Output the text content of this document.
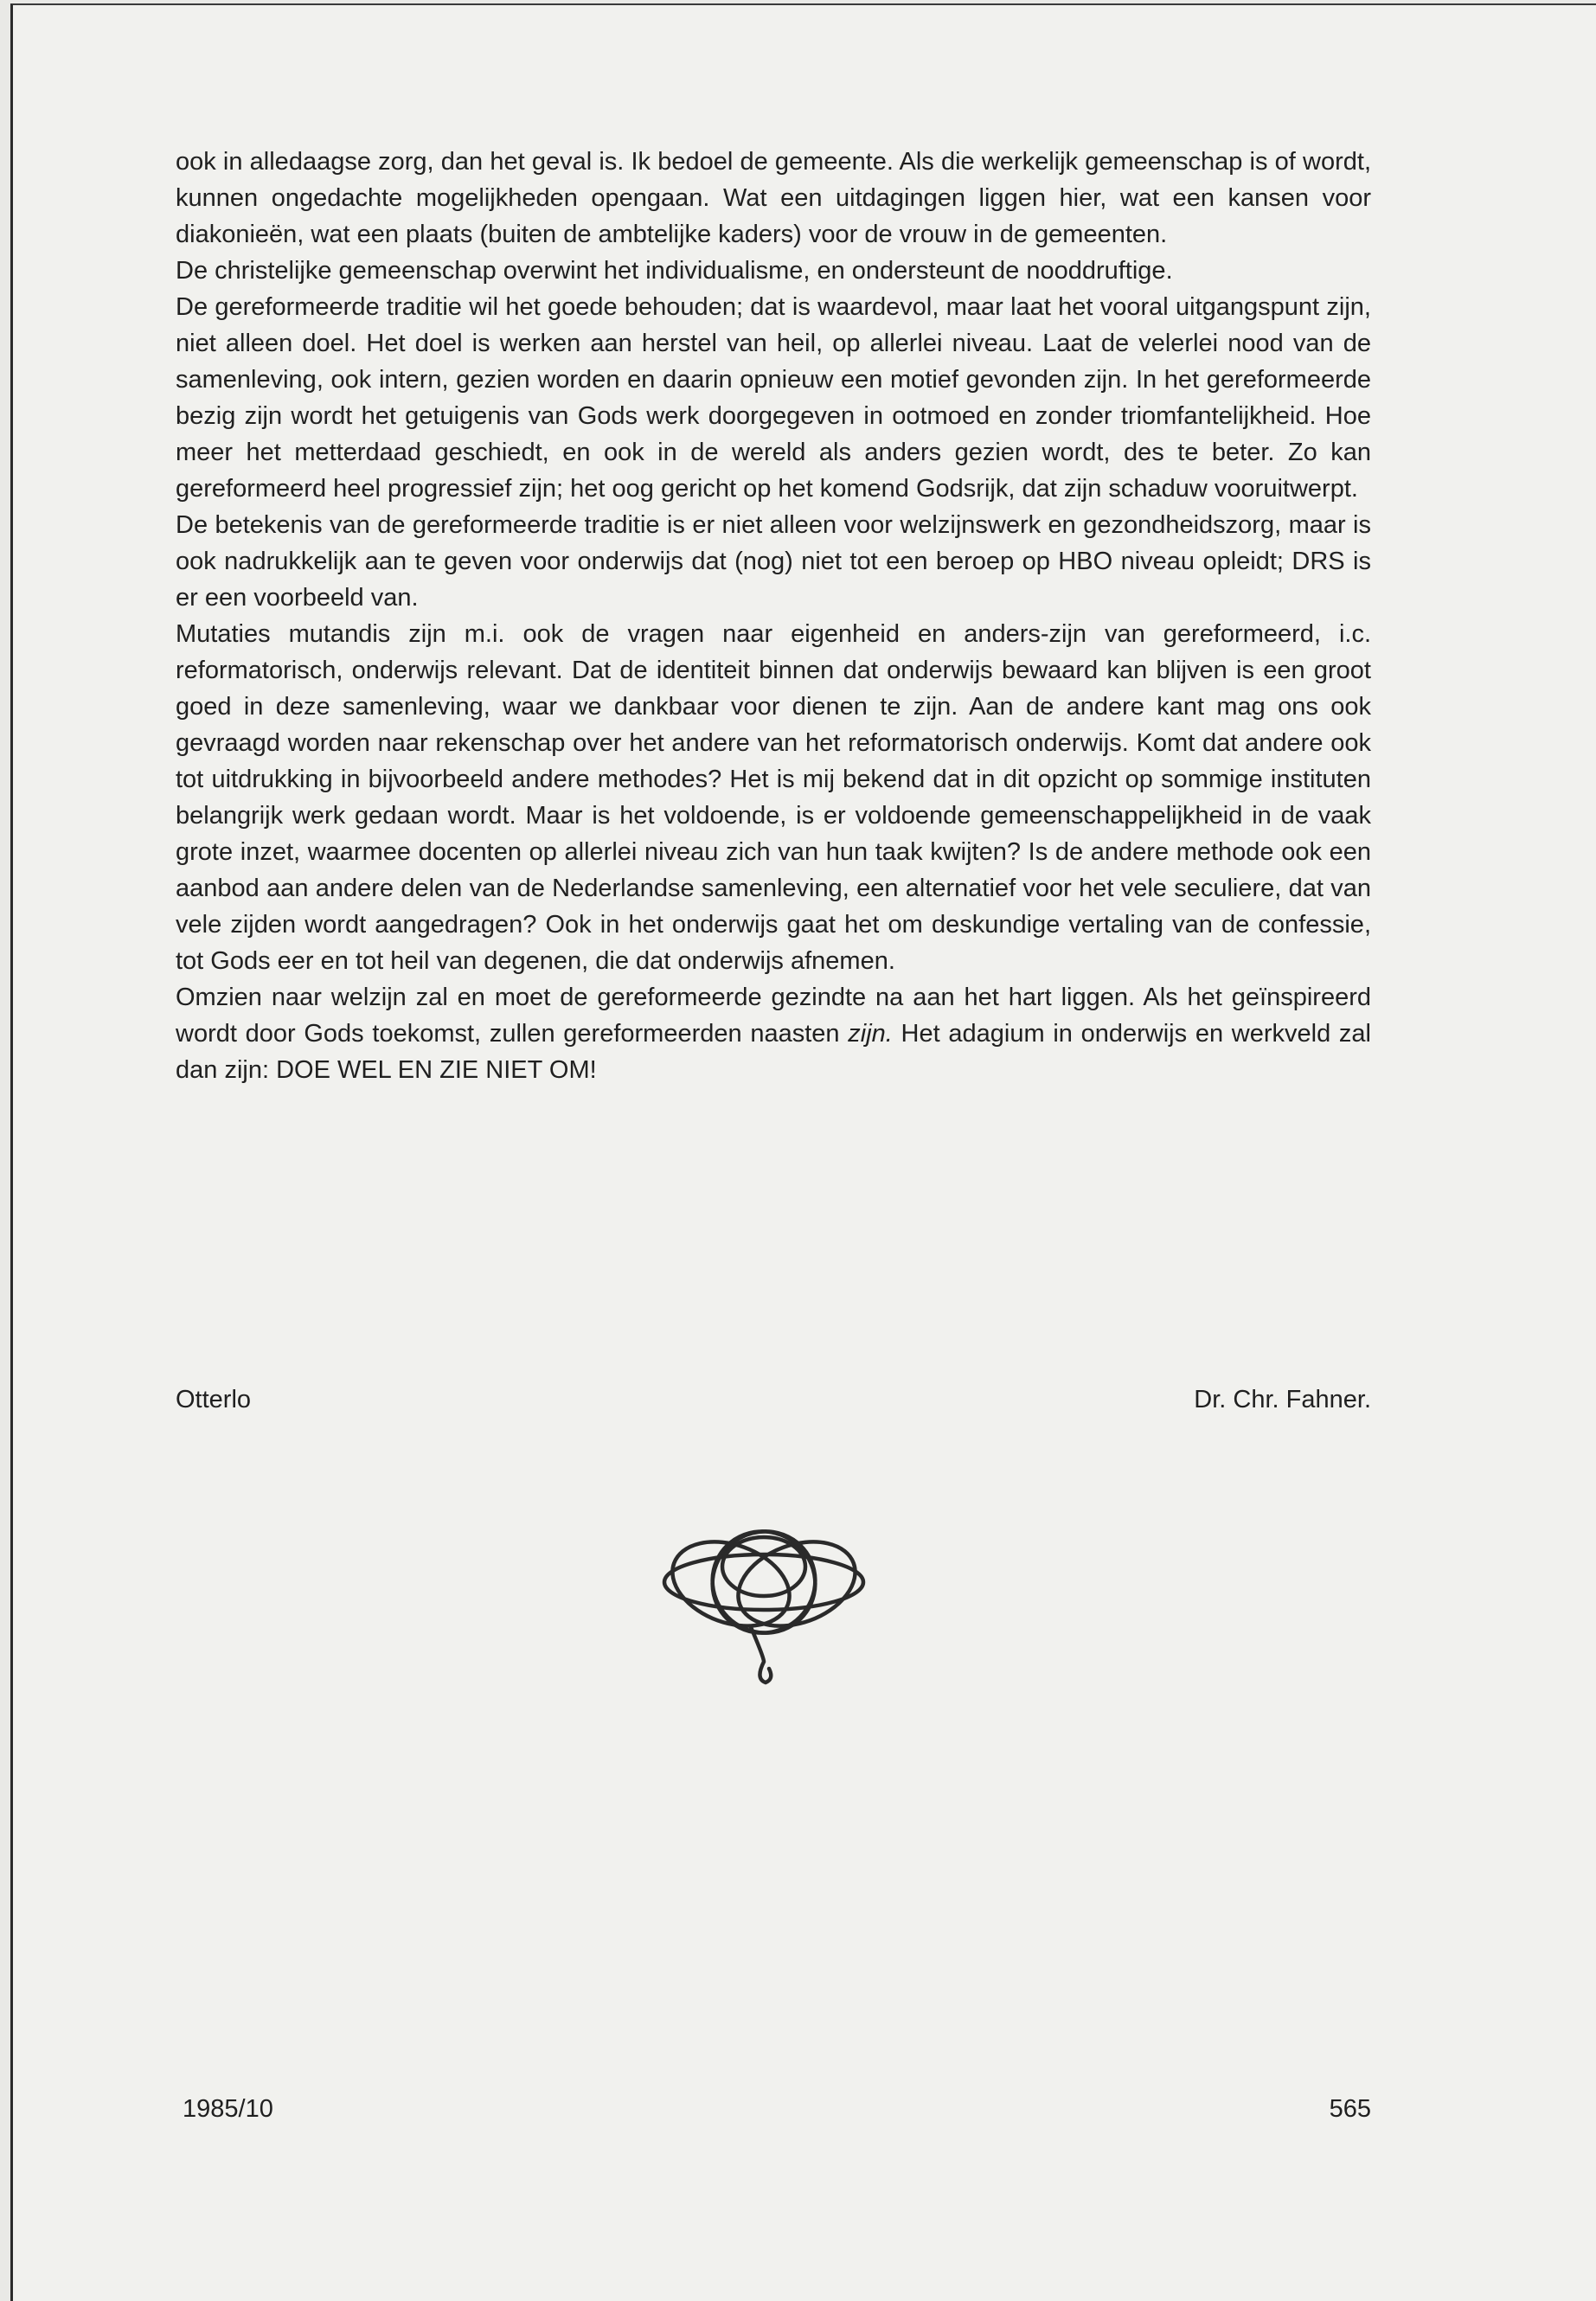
ook in alledaagse zorg, dan het geval is. Ik bedoel de gemeente. Als die werkelijk gemeenschap is of wordt, kunnen ongedachte mogelijkheden opengaan. Wat een uitdagingen liggen hier, wat een kansen voor diakonieën, wat een plaats (buiten de ambtelijke kaders) voor de vrouw in de gemeenten.

De christelijke gemeenschap overwint het individualisme, en ondersteunt de nooddruftige.

De gereformeerde traditie wil het goede behouden; dat is waardevol, maar laat het vooral uitgangspunt zijn, niet alleen doel. Het doel is werken aan herstel van heil, op allerlei niveau. Laat de velerlei nood van de samenleving, ook intern, gezien worden en daarin opnieuw een motief gevonden zijn. In het gereformeerde bezig zijn wordt het getuigenis van Gods werk doorgegeven in ootmoed en zonder triomfantelijkheid. Hoe meer het metterdaad geschiedt, en ook in de wereld als anders gezien wordt, des te beter. Zo kan gereformeerd heel progressief zijn; het oog gericht op het komend Godsrijk, dat zijn schaduw vooruitwerpt.

De betekenis van de gereformeerde traditie is er niet alleen voor welzijnswerk en gezondheidszorg, maar is ook nadrukkelijk aan te geven voor onderwijs dat (nog) niet tot een beroep op HBO niveau opleidt; DRS is er een voorbeeld van.

Mutaties mutandis zijn m.i. ook de vragen naar eigenheid en anders-zijn van gereformeerd, i.c. reformatorisch, onderwijs relevant. Dat de identiteit binnen dat onderwijs bewaard kan blijven is een groot goed in deze samenleving, waar we dankbaar voor dienen te zijn. Aan de andere kant mag ons ook gevraagd worden naar rekenschap over het andere van het reformatorisch onderwijs. Komt dat andere ook tot uitdrukking in bijvoorbeeld andere methodes? Het is mij bekend dat in dit opzicht op sommige instituten belangrijk werk gedaan wordt. Maar is het voldoende, is er voldoende gemeenschappelijkheid in de vaak grote inzet, waarmee docenten op allerlei niveau zich van hun taak kwijten? Is de andere methode ook een aanbod aan andere delen van de Nederlandse samenleving, een alternatief voor het vele seculiere, dat van vele zijden wordt aangedragen? Ook in het onderwijs gaat het om deskundige vertaling van de confessie, tot Gods eer en tot heil van degenen, die dat onderwijs afnemen.

Omzien naar welzijn zal en moet de gereformeerde gezindte na aan het hart liggen. Als het geïnspireerd wordt door Gods toekomst, zullen gereformeerden naasten zijn. Het adagium in onderwijs en werkveld zal dan zijn: DOE WEL EN ZIE NIET OM!

Otterlo	Dr. Chr. Fahner.
1985/10	565
